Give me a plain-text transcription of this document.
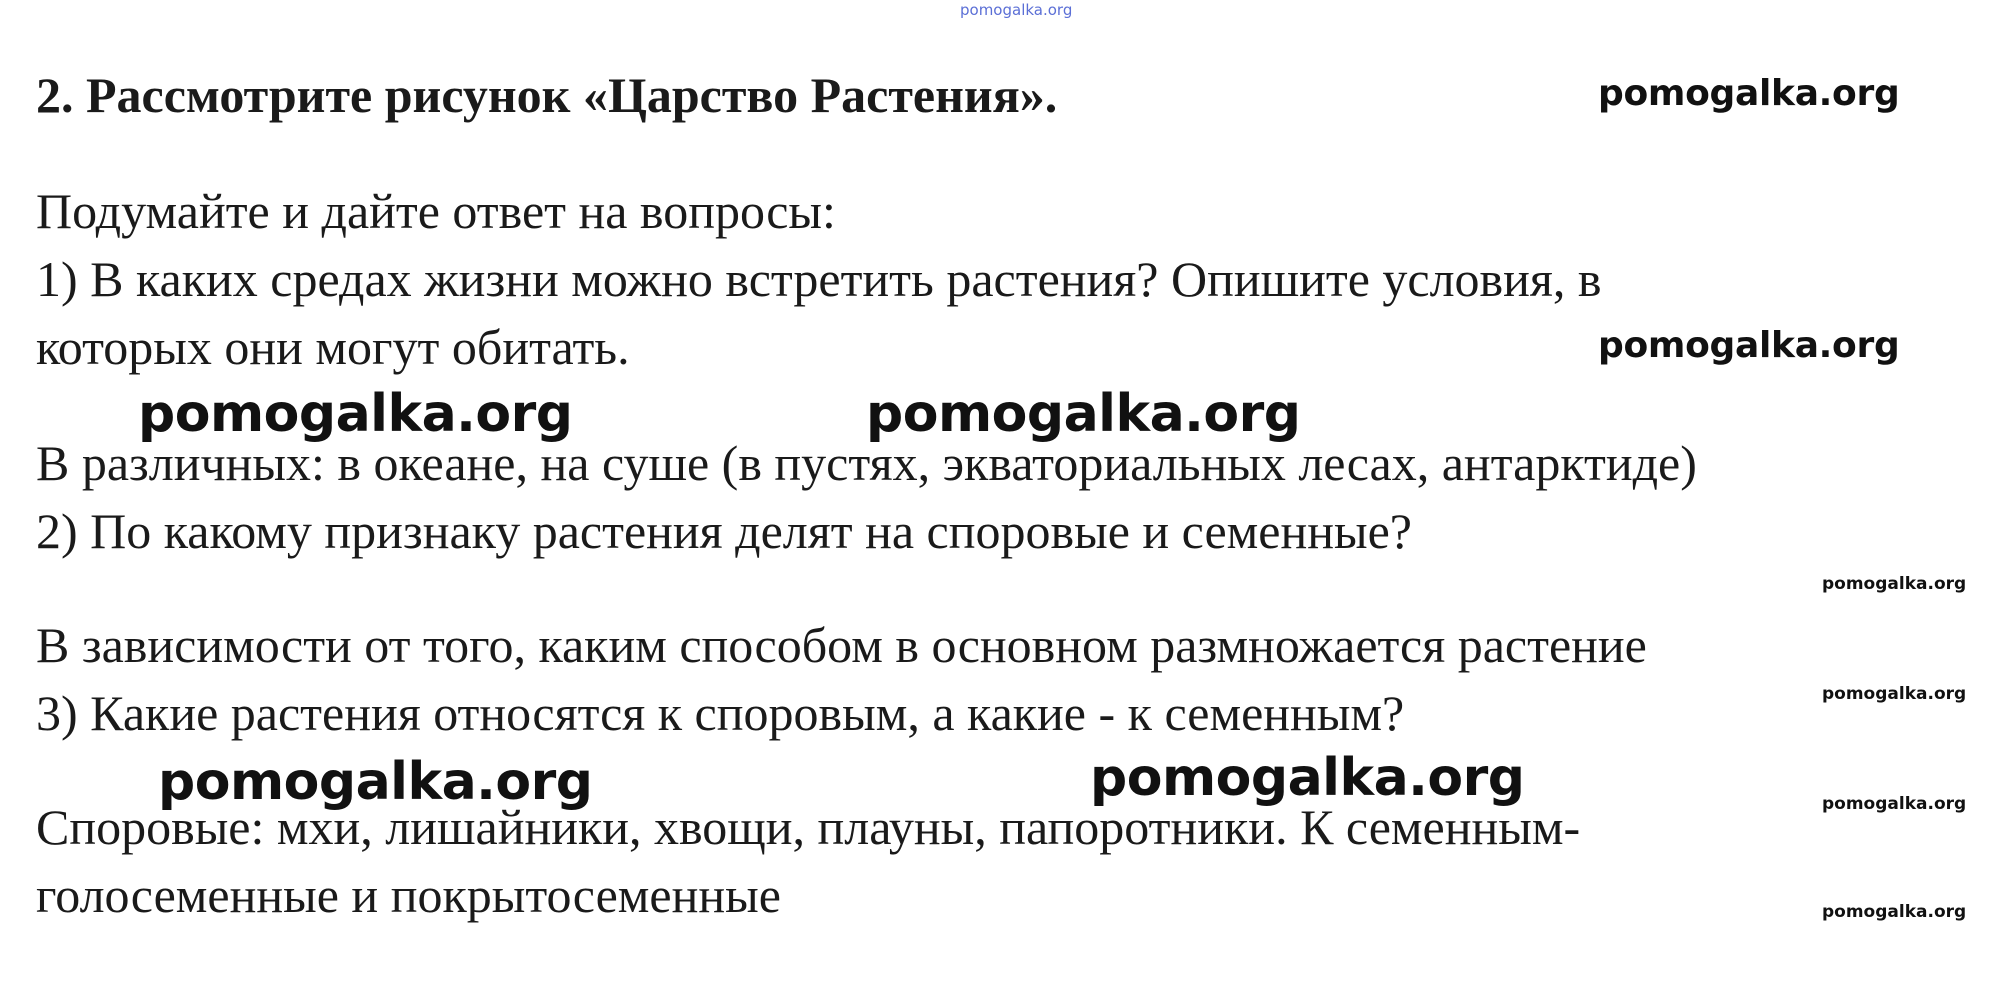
pomogalka.org
2. Рассмотрите рисунок «Царство Растения».	pomogalka.org
Подумайте и дайте ответ на вопросы:
1) В каких средах жизни можно встретить растения? Опишите условия, в
которых они могут обитать.	pomogalka.org
pomogalka.org	pomogalka.org
В различных: в океане, на суше (в пустях, экваториальных лесах, антарктиде)
2) По какому признаку растения делят на споровые и семенные?
pomogalka.org
В зависимости от того, каким способом в основном размножается растение
3) Какие растения относятся к споровым, а какие - к семенным?	pomogalka.org
pomogalka.org	pomogalka.org	pomogalka.org
Споровые: мхи, лишайники, хвощи, плауны, папоротники. К семенным-
голосеменные и покрытосеменные	pomogalka.org
